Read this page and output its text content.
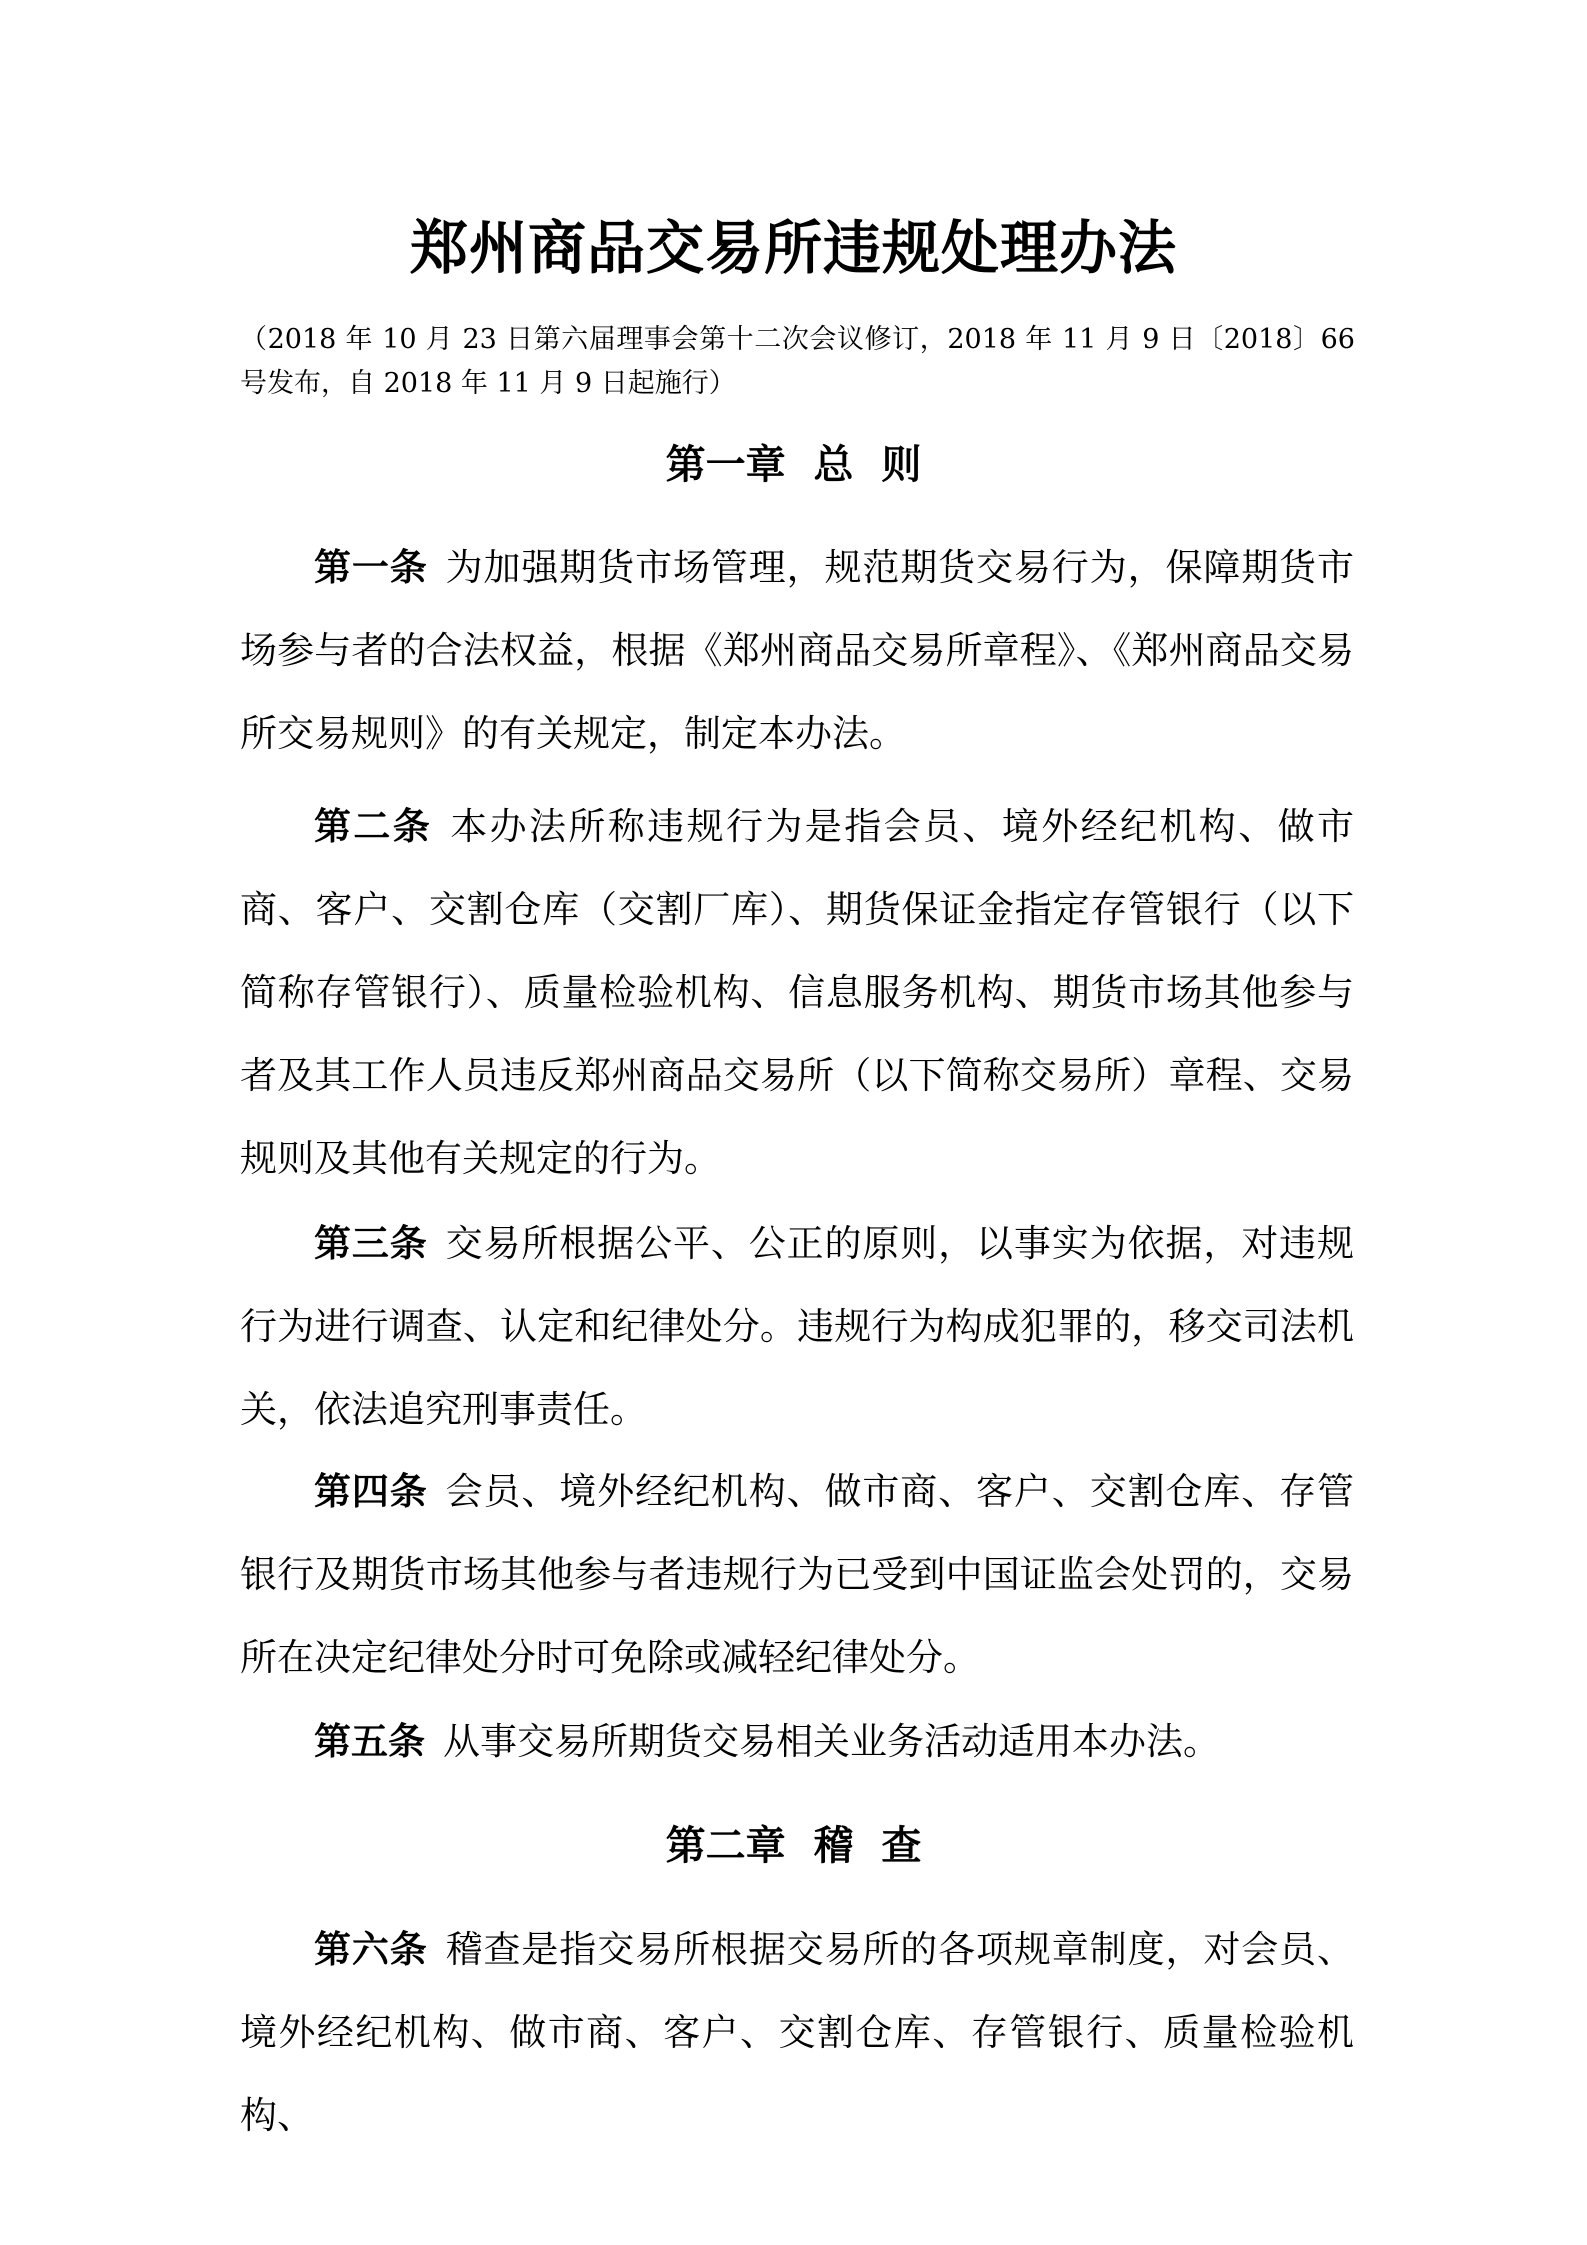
郑州商品交易所违规处理办法
（2018 年 10 月 23 日第六届理事会第十二次会议修订，2018 年 11 月 9 日〔2018〕66 号发布，自 2018 年 11 月 9 日起施行）
第一章  总  则
第一条 为加强期货市场管理，规范期货交易行为，保障期货市场参与者的合法权益，根据《郑州商品交易所章程》、《郑州商品交易所交易规则》的有关规定，制定本办法。
第二条 本办法所称违规行为是指会员、境外经纪机构、做市商、客户、交割仓库（交割厂库）、期货保证金指定存管银行（以下简称存管银行）、质量检验机构、信息服务机构、期货市场其他参与者及其工作人员违反郑州商品交易所（以下简称交易所）章程、交易规则及其他有关规定的行为。
第三条 交易所根据公平、公正的原则，以事实为依据，对违规行为进行调查、认定和纪律处分。违规行为构成犯罪的，移交司法机关，依法追究刑事责任。
第四条 会员、境外经纪机构、做市商、客户、交割仓库、存管银行及期货市场其他参与者违规行为已受到中国证监会处罚的，交易所在决定纪律处分时可免除或减轻纪律处分。
第五条 从事交易所期货交易相关业务活动适用本办法。
第二章  稽  查
第六条 稽查是指交易所根据交易所的各项规章制度，对会员、境外经纪机构、做市商、客户、交割仓库、存管银行、质量检验机构、
